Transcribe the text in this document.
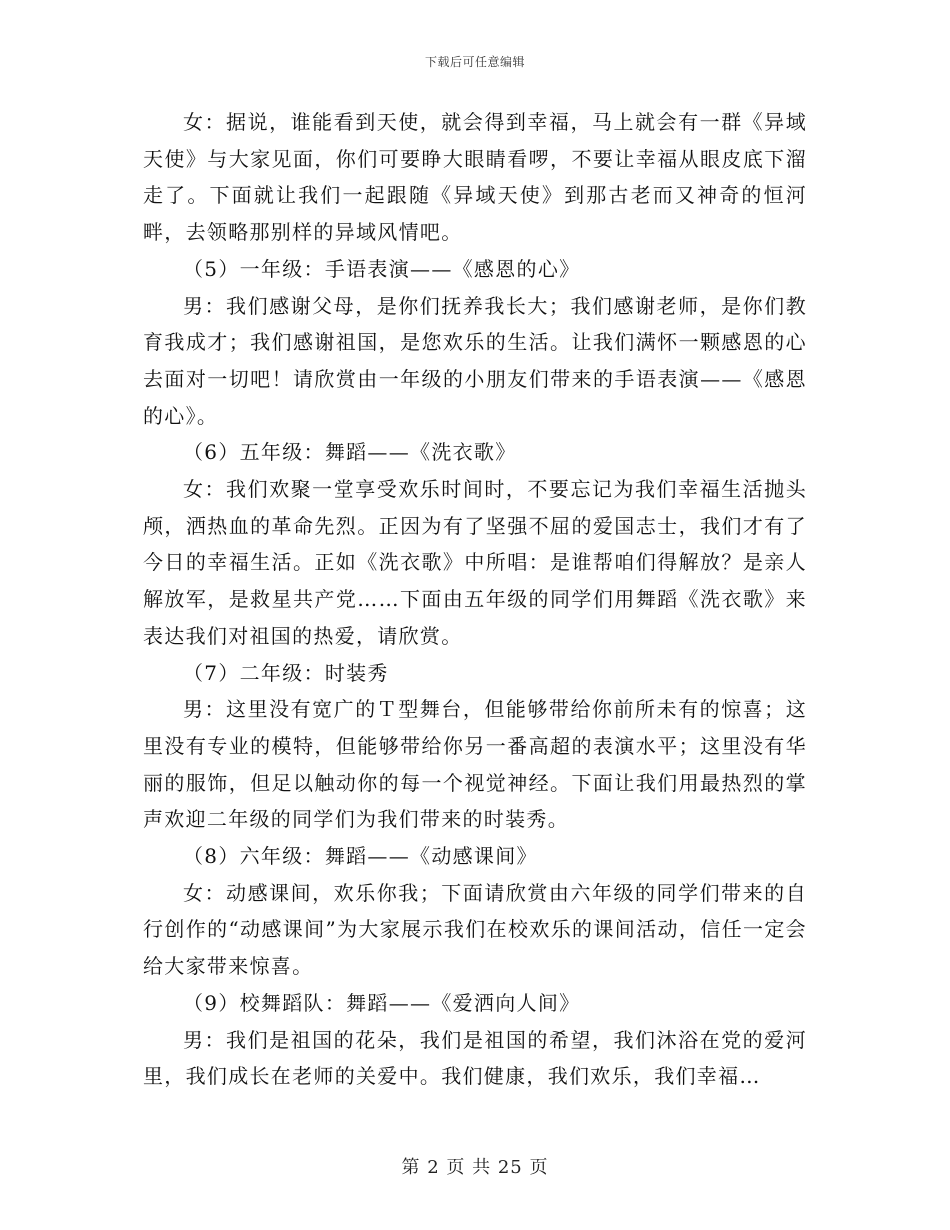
下载后可任意编辑

女：据说，谁能看到天使，就会得到幸福，马上就会有一群《异域天使》与大家见面，你们可要睁大眼睛看啰，不要让幸福从眼皮底下溜走了。下面就让我们一起跟随《异域天使》到那古老而又神奇的恒河畔，去领略那别样的异域风情吧。

（5）一年级：手语表演——《感恩的心》

男：我们感谢父母，是你们抚养我长大；我们感谢老师，是你们教育我成才；我们感谢祖国，是您欢乐的生活。让我们满怀一颗感恩的心去面对一切吧！请欣赏由一年级的小朋友们带来的手语表演——《感恩的心》。

（6）五年级：舞蹈——《洗衣歌》

女：我们欢聚一堂享受欢乐时间时，不要忘记为我们幸福生活抛头颅，洒热血的革命先烈。正因为有了坚强不屈的爱国志士，我们才有了今日的幸福生活。正如《洗衣歌》中所唱：是谁帮咱们得解放？是亲人解放军，是救星共产党……下面由五年级的同学们用舞蹈《洗衣歌》来表达我们对祖国的热爱，请欣赏。

（7）二年级：时装秀

男：这里没有宽广的Ｔ型舞台，但能够带给你前所未有的惊喜；这里没有专业的模特，但能够带给你另一番高超的表演水平；这里没有华丽的服饰，但足以触动你的每一个视觉神经。下面让我们用最热烈的掌声欢迎二年级的同学们为我们带来的时装秀。

（8）六年级：舞蹈——《动感课间》

女：动感课间，欢乐你我；下面请欣赏由六年级的同学们带来的自行创作的“动感课间”为大家展示我们在校欢乐的课间活动，信任一定会给大家带来惊喜。

（9）校舞蹈队：舞蹈——《爱洒向人间》

男：我们是祖国的花朵，我们是祖国的希望，我们沐浴在党的爱河里，我们成长在老师的关爱中。我们健康，我们欢乐，我们幸福…

第 2 页 共 25 页
